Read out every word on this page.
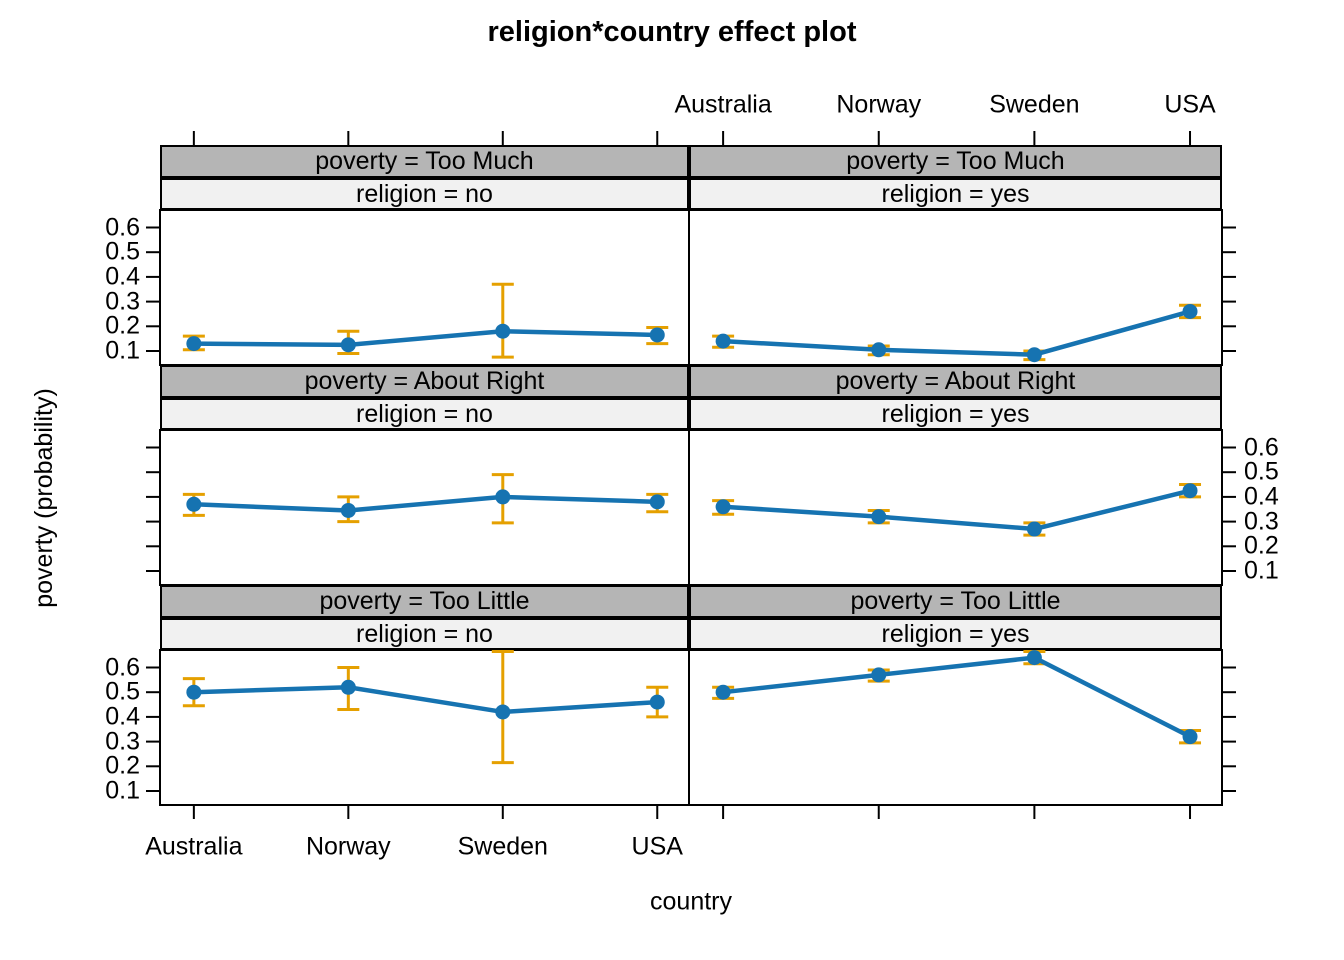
religion*country effect plot
poverty (probability)
country
poverty = Too Much
religion = no
poverty = Too Much
religion = yes
poverty = About Right
religion = no
poverty = About Right
religion = yes
poverty = Too Little
religion = no
poverty = Too Little
religion = yes
Australia	Norway	Sweden	USA
Australia	Norway	Sweden	USA
0.1
0.2
0.3
0.4
0.5
0.6
0.1
0.2
0.3
0.4
0.5
0.6
0.1
0.2
0.3
0.4
0.5
0.6
